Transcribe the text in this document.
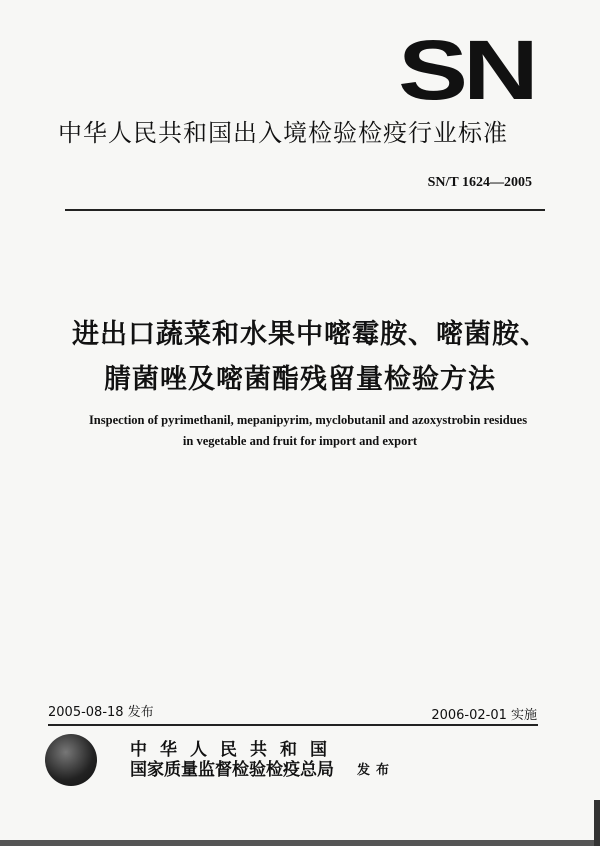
SN
中华人民共和国出入境检验检疫行业标准
SN/T 1624—2005
进出口蔬菜和水果中嘧霉胺、嘧菌胺、
腈菌唑及嘧菌酯残留量检验方法
Inspection of pyrimethanil, mepanipyrim, myclobutanil and azoxystrobin residues
in vegetable and fruit for import and export
2005-08-18 发布	2006-02-01 实施
中华人民共和国
国家质量监督检验检疫总局 发布
